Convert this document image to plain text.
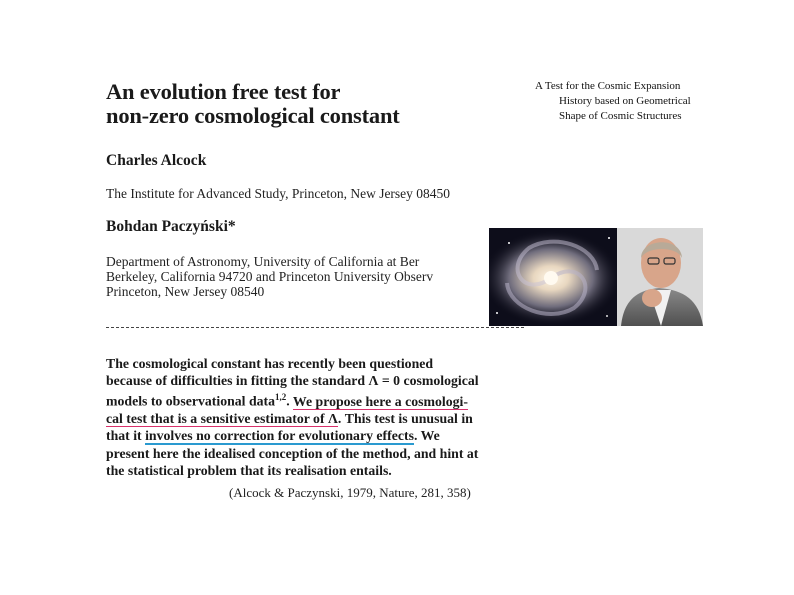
An evolution free test for
non-zero cosmological constant
Charles Alcock
The Institute for Advanced Study, Princeton, New Jersey 08450
Bohdan Paczyński*
Department of Astronomy, University of California at Ber
Berkeley, California 94720 and Princeton University Observ
Princeton, New Jersey 08540
The cosmological constant has recently been questioned
because of difficulties in fitting the standard Λ = 0 cosmological
models to observational data$^{1,2}$. We propose here a cosmologi-
cal test that is a sensitive estimator of Λ. This test is unusual in
that it involves no correction for evolutionary effects. We
present here the idealised conception of the method, and hint at
the statistical problem that its realisation entails.
A Test for the Cosmic Expansion
History based on Geometrical
Shape of Cosmic Structures
(Alcock & Paczynski, 1979, Nature, 281, 358)
